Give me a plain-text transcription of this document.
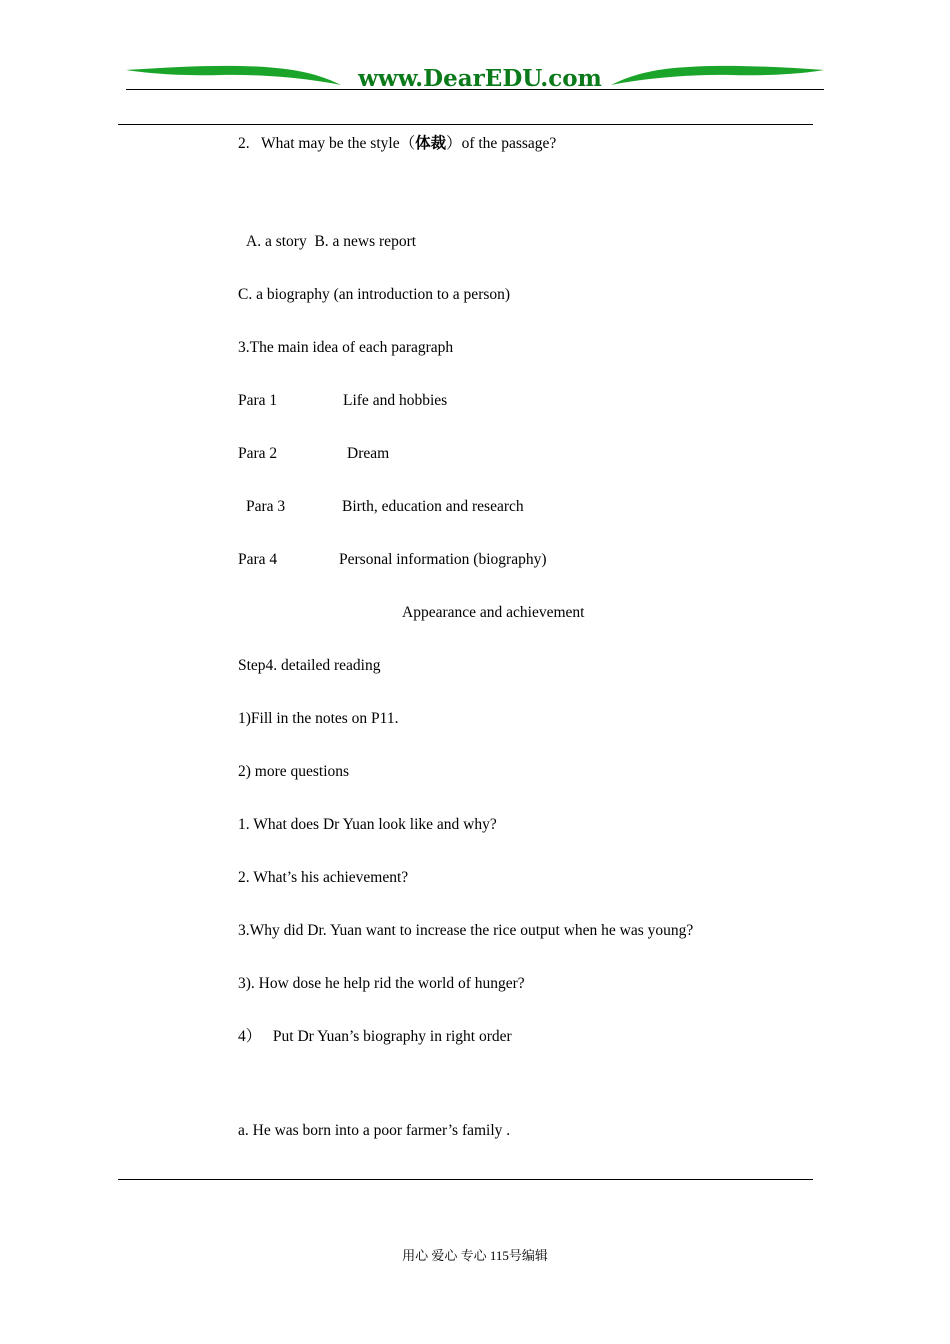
www.DearEDU.com
2. What may be the style（体裁）of the passage?
A. a story  B. a news report
C. a biography (an introduction to a person)
3.The main idea of each paragraph
Para 1	Life and hobbies
Para 2	Dream
Para 3	Birth, education and research
Para 4	Personal information (biography)
Appearance and achievement
Step4. detailed reading
1)Fill in the notes on P11.
2) more questions
1. What does Dr Yuan look like and why?
2. What’s his achievement?
3.Why did Dr. Yuan want to increase the rice output when he was young?
3). How dose he help rid the world of hunger?
4） Put Dr Yuan’s biography in right order
a. He was born into a poor farmer’s family .
用心 爱心 专心 115号编辑
